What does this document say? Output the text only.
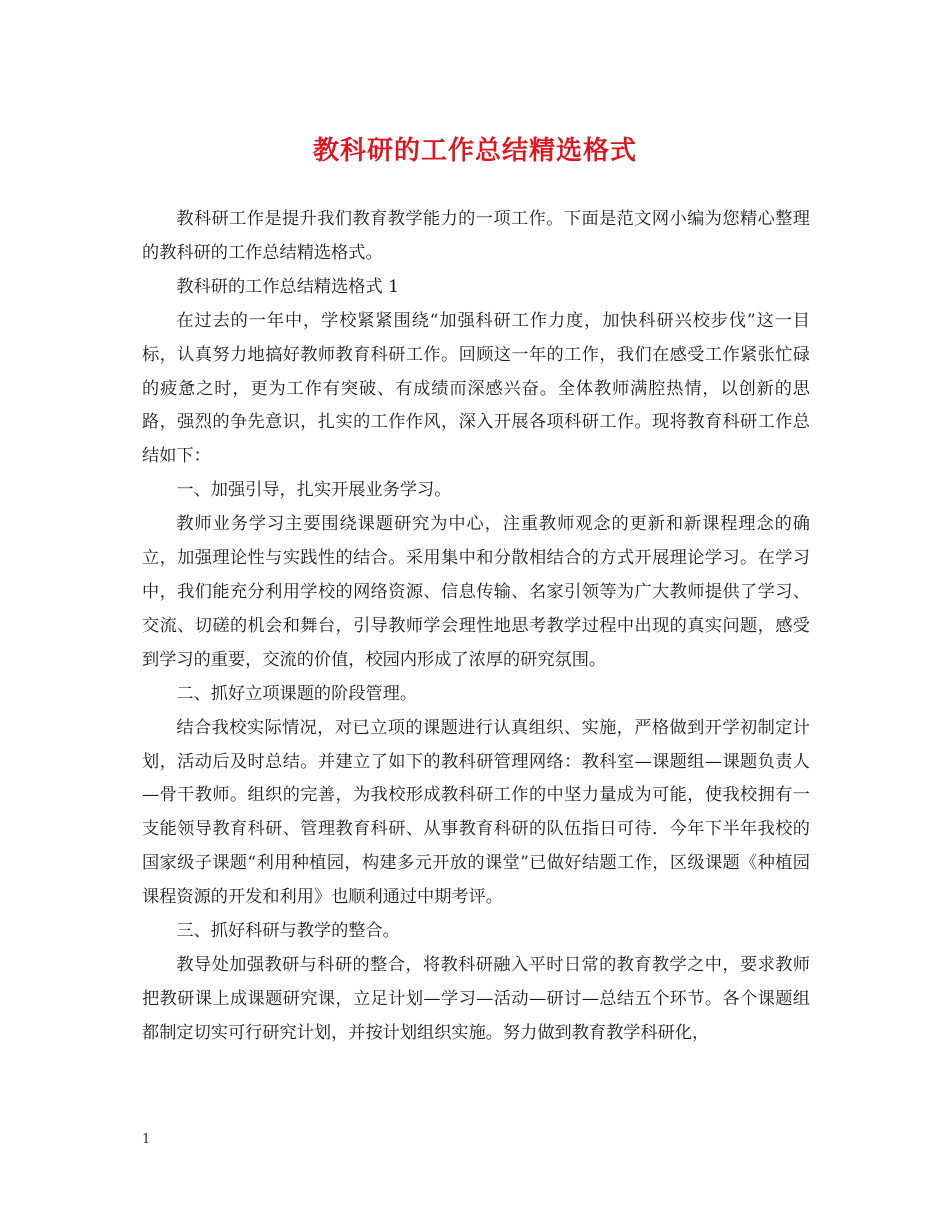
教科研的工作总结精选格式

教科研工作是提升我们教育教学能力的一项工作。下面是范文网小编为您精心整理的教科研的工作总结精选格式。

教科研的工作总结精选格式 1

在过去的一年中，学校紧紧围绕“加强科研工作力度，加快科研兴校步伐”这一目标，认真努力地搞好教师教育科研工作。回顾这一年的工作，我们在感受工作紧张忙碌的疲惫之时，更为工作有突破、有成绩而深感兴奋。全体教师满腔热情，以创新的思路，强烈的争先意识，扎实的工作作风，深入开展各项科研工作。现将教育科研工作总结如下：

一、加强引导，扎实开展业务学习。

教师业务学习主要围绕课题研究为中心，注重教师观念的更新和新课程理念的确立，加强理论性与实践性的结合。采用集中和分散相结合的方式开展理论学习。在学习中，我们能充分利用学校的网络资源、信息传输、名家引领等为广大教师提供了学习、交流、切磋的机会和舞台，引导教师学会理性地思考教学过程中出现的真实问题，感受到学习的重要，交流的价值，校园内形成了浓厚的研究氛围。

二、抓好立项课题的阶段管理。

结合我校实际情况，对已立项的课题进行认真组织、实施，严格做到开学初制定计划，活动后及时总结。并建立了如下的教科研管理网络：教科室—课题组—课题负责人—骨干教师。组织的完善，为我校形成教科研工作的中坚力量成为可能，使我校拥有一支能领导教育科研、管理教育科研、从事教育科研的队伍指日可待．今年下半年我校的国家级子课题“利用种植园，构建多元开放的课堂”已做好结题工作，区级课题《种植园课程资源的开发和利用》也顺利通过中期考评。

三、抓好科研与教学的整合。

教导处加强教研与科研的整合，将教科研融入平时日常的教育教学之中，要求教师把教研课上成课题研究课，立足计划—学习—活动—研讨—总结五个环节。各个课题组都制定切实可行研究计划，并按计划组织实施。努力做到教育教学科研化，

1
